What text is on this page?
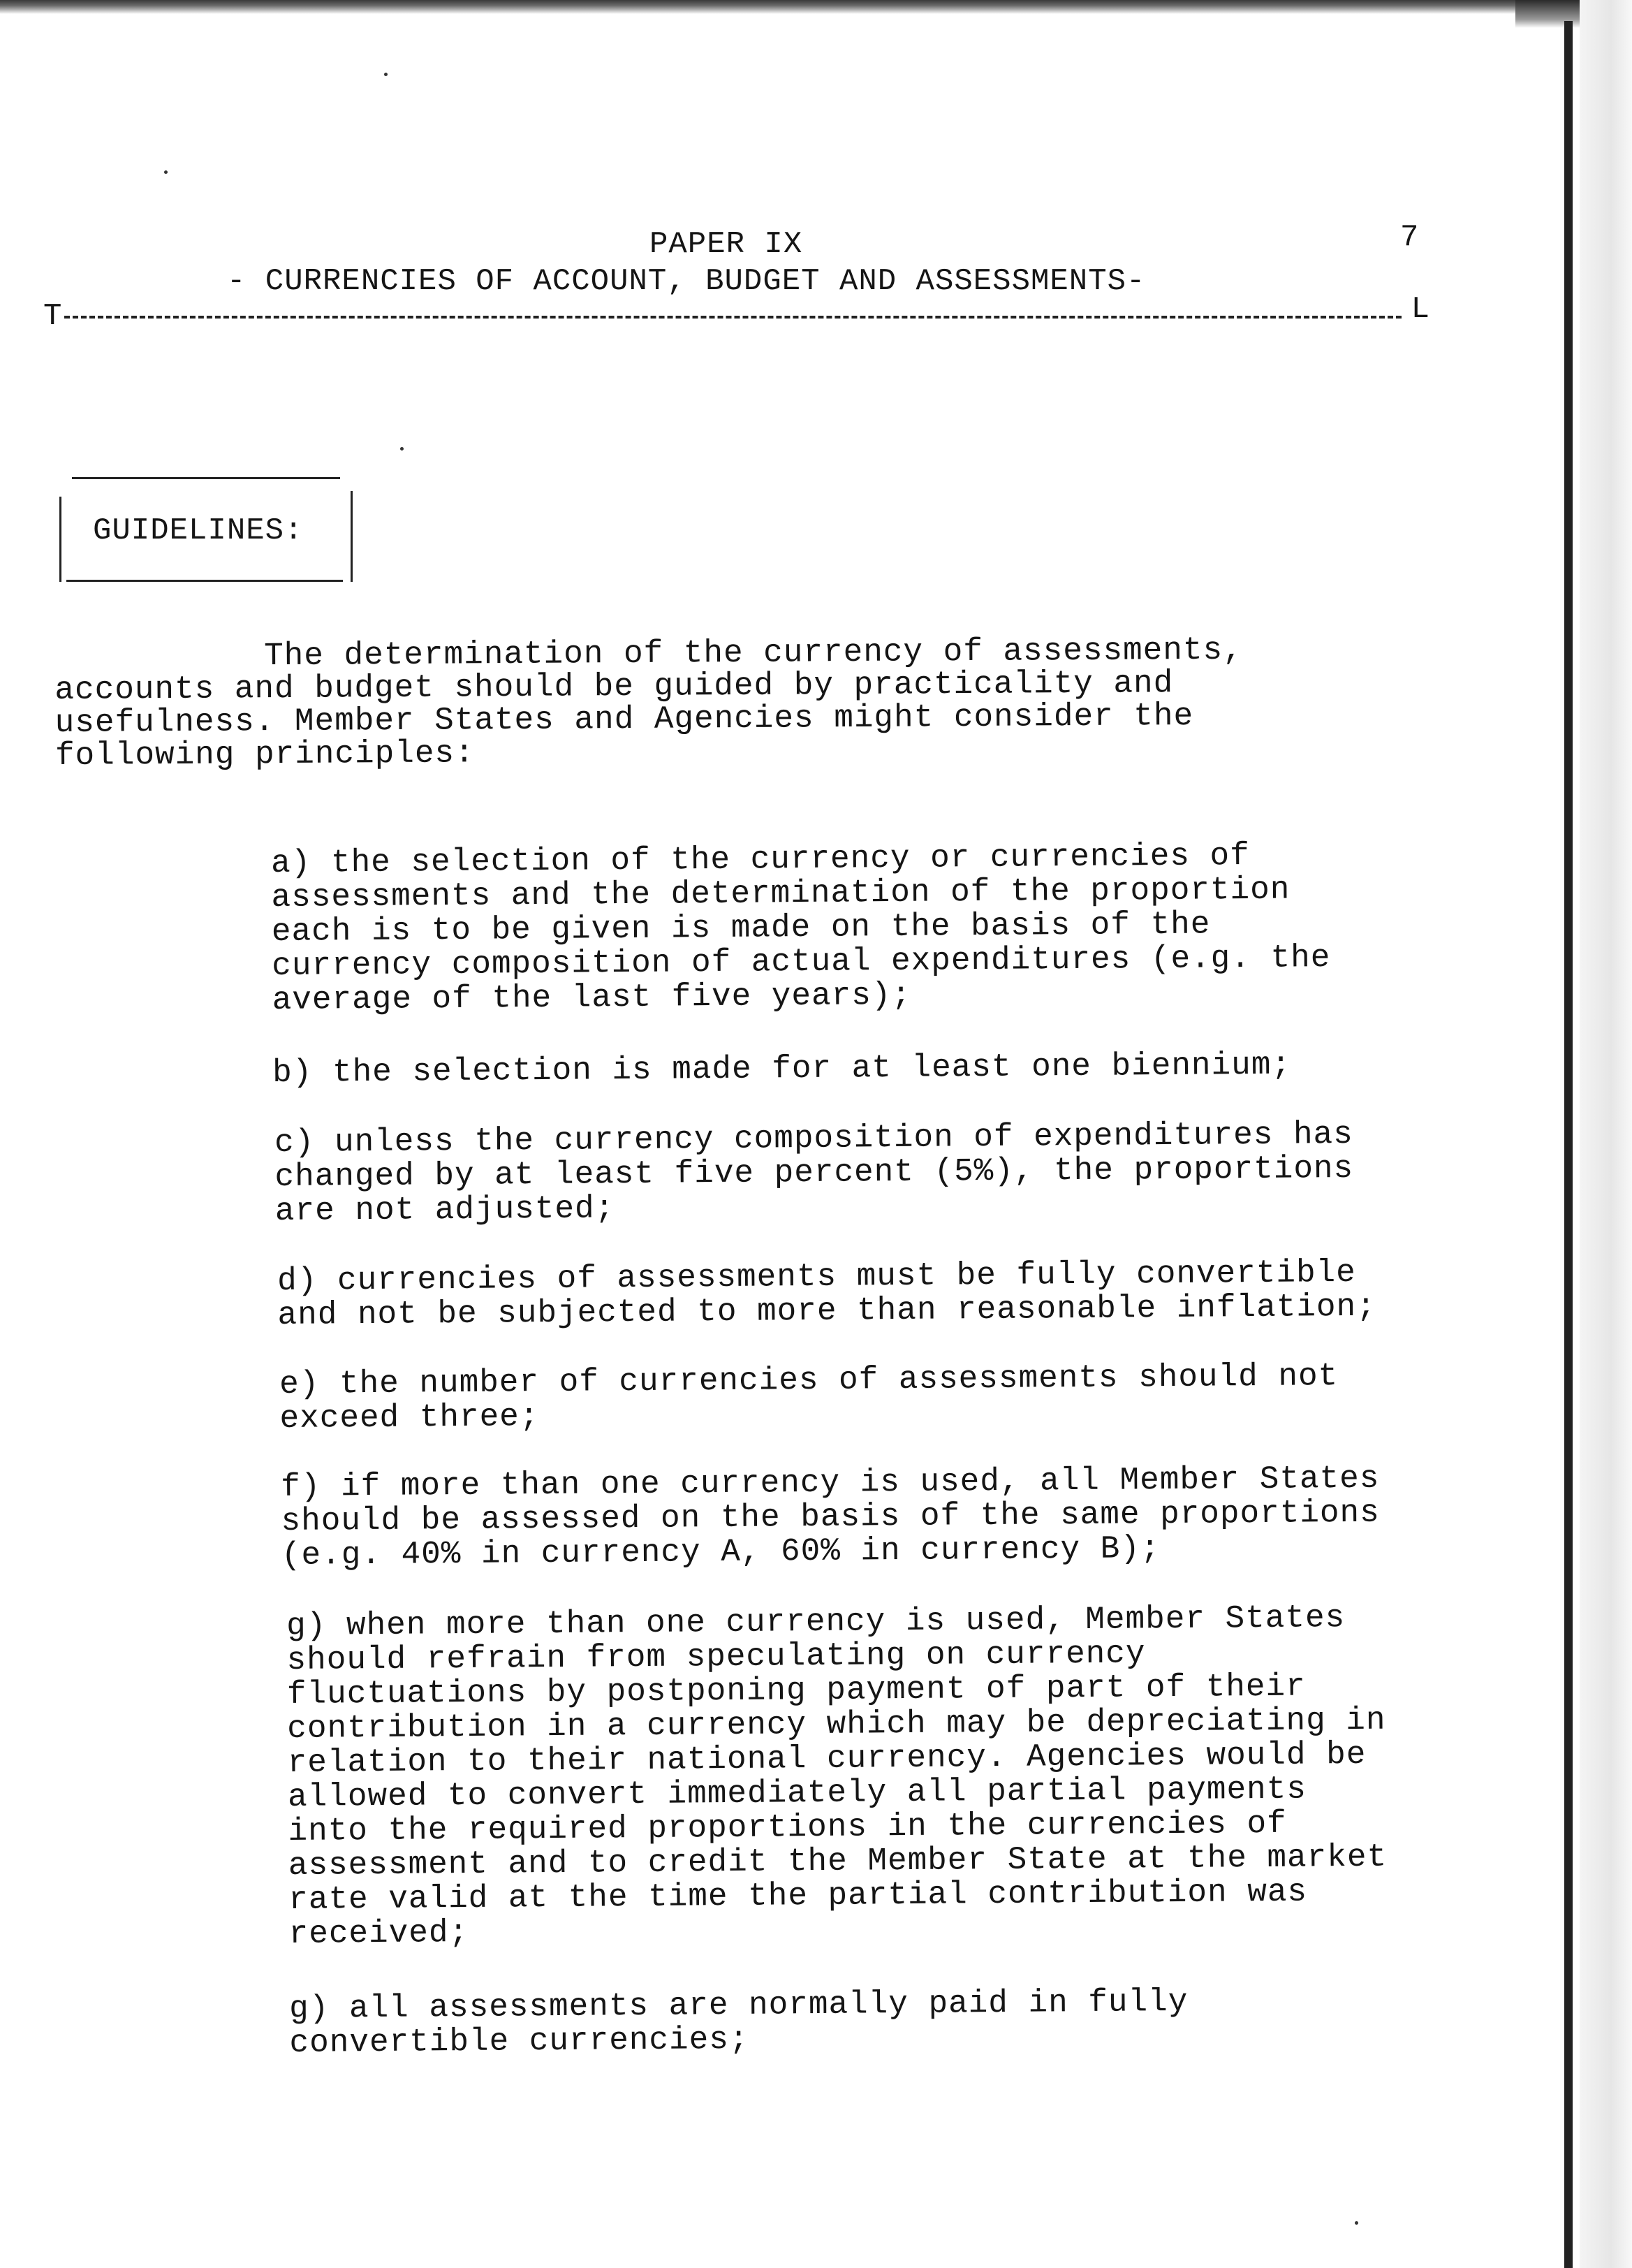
PAPER IX	7
- CURRENCIES OF ACCOUNT, BUDGET AND ASSESSMENTS-
T	L
GUIDELINES:
The determination of the currency of assessments,
accounts and budget should be guided by practicality and
usefulness. Member States and Agencies might consider the
following principles:
a) the selection of the currency or currencies of
assessments and the determination of the proportion
each is to be given is made on the basis of the
currency composition of actual expenditures (e.g. the
average of the last five years);
b) the selection is made for at least one biennium;
c) unless the currency composition of expenditures has
changed by at least five percent (5%), the proportions
are not adjusted;
d) currencies of assessments must be fully convertible
and not be subjected to more than reasonable inflation;
e) the number of currencies of assessments should not
exceed three;
f) if more than one currency is used, all Member States
should be assessed on the basis of the same proportions
(e.g. 40% in currency A, 60% in currency B);
g) when more than one currency is used, Member States
should refrain from speculating on currency
fluctuations by postponing payment of part of their
contribution in a currency which may be depreciating in
relation to their national currency. Agencies would be
allowed to convert immediately all partial payments
into the required proportions in the currencies of
assessment and to credit the Member State at the market
rate valid at the time the partial contribution was
received;
g) all assessments are normally paid in fully
convertible currencies;
